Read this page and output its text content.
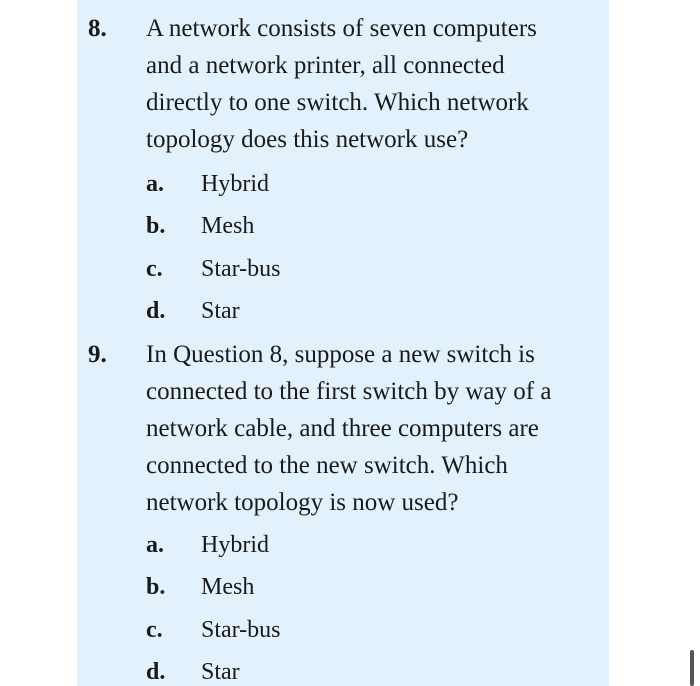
8. A network consists of seven computers
and a network printer, all connected
directly to one switch. Which network
topology does this network use?
a. Hybrid
b. Mesh
c. Star-bus
d. Star
9. In Question 8, suppose a new switch is
connected to the first switch by way of a
network cable, and three computers are
connected to the new switch. Which
network topology is now used?
a. Hybrid
b. Mesh
c. Star-bus
d. Star
